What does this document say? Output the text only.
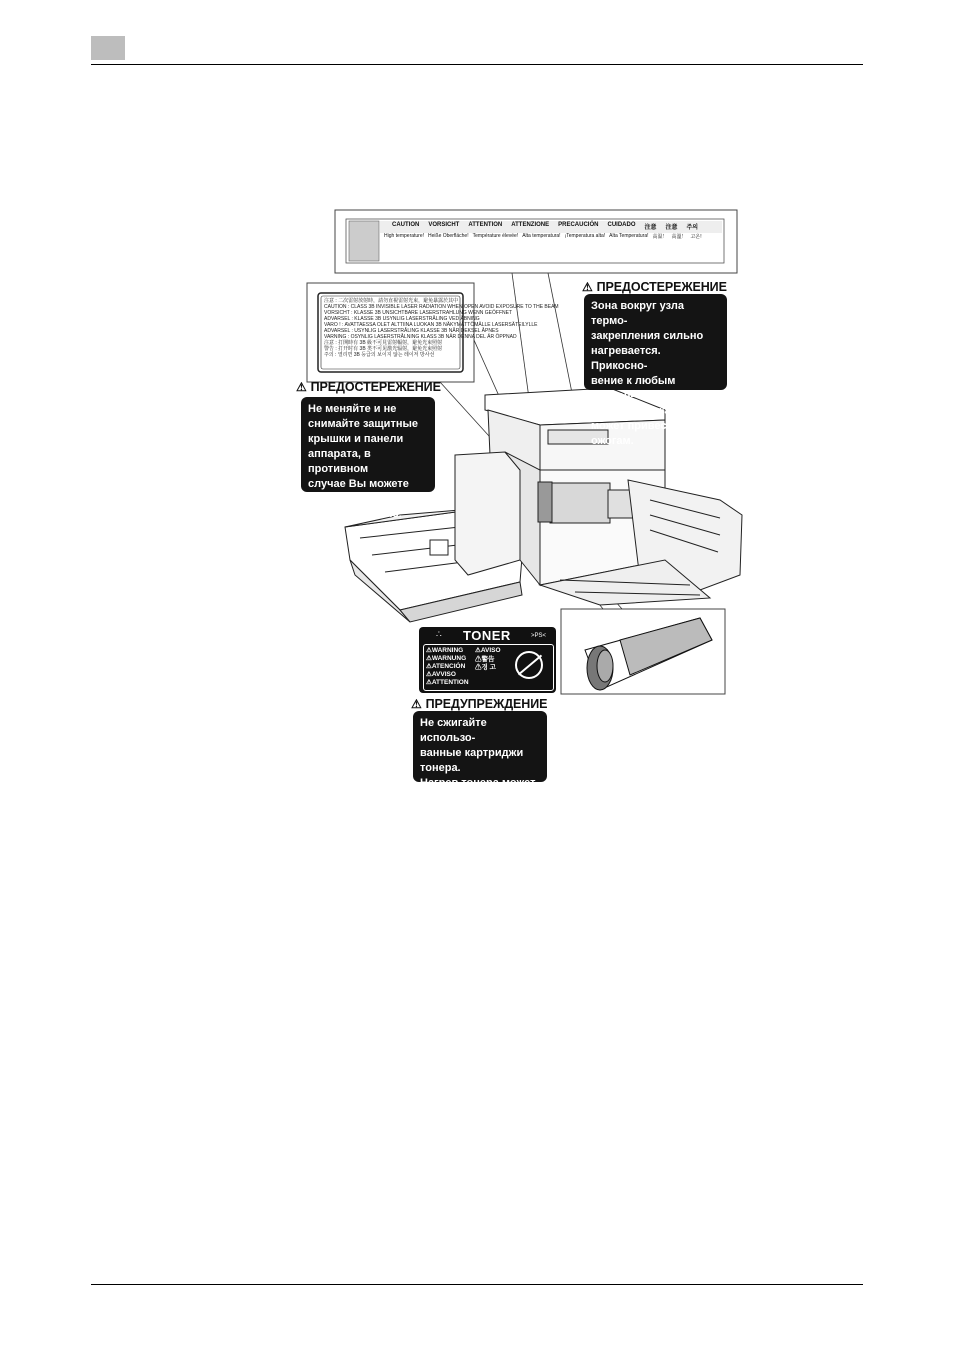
CAUTION VORSICHT ATTENTION ATTENZIONE PRECAUCIÓN CUIDADO 注意 注意 주의
High temperature! Heiße Oberfläche! Température élevée! Alta temperatura! ¡Temperatura alta! Alta Temperatura! 高温！ 高溫！ 고온!
注意 : 二次雷射放射時，請勿直視雷射光束，避免暴露於其中
CAUTION : CLASS 3B INVISIBLE LASER RADIATION WHEN OPEN AVOID EXPOSURE TO THE BEAM
VORSICHT : KLASSE 3B UNSICHTBARE LASERSTRAHLUNG WENN GEÖFFNET
ADVARSEL : KLASSE 3B USYNLIG LASERSTRÅLING VED ÅBNING
VARO ! : AVATTAESSA OLET ALTTIINA LUOKAN 3B NÄKYMÄTTÖMÄLLE LASERSÄTEILYLLE
ADVARSEL : USYNLIG LASERSTRÅLING KLASSE 3B NÅR DEKSEL ÅPNES
VARNING : OSYNLIG LASERSTRÅLNING KLASS 3B NÄR DENNA DEL ÄR ÖPPNAD
注意 : 打開時有 3B 級不可見雷射輻射，避免光束照射
警告 : 打开时有 3B 类不可见激光辐射，避免光束照射
주의 : 열리면 3B 등급의 보이지 않는 레이저 방사선
⚠ ПРЕДОСТЕРЕЖЕНИЕ
Не меняйте и не
снимайте защитные
крышки и панели
аппарата, в противном
случае Вы можете
подвергнуться лазер-
ному излучению.
⚠ ПРЕДОСТЕРЕЖЕНИЕ
Зона вокруг узла термо-
закрепления сильно
нагревается. Прикосно-
вение к любым элемен-
там, кроме указанных,
может привести к
ожогам.
∴ TONER	>PS<
⚠WARNING
⚠WARNUNG
⚠ATENCIÓN
⚠AVVISO
⚠ATTENTION
⚠AVISO
⚠警告
⚠경 고
⚠ ПРЕДУПРЕЖДЕНИЕ
Не сжигайте использо-
ванные картриджи
тонера.
Нагрев тонера может
привести к взрыву.
